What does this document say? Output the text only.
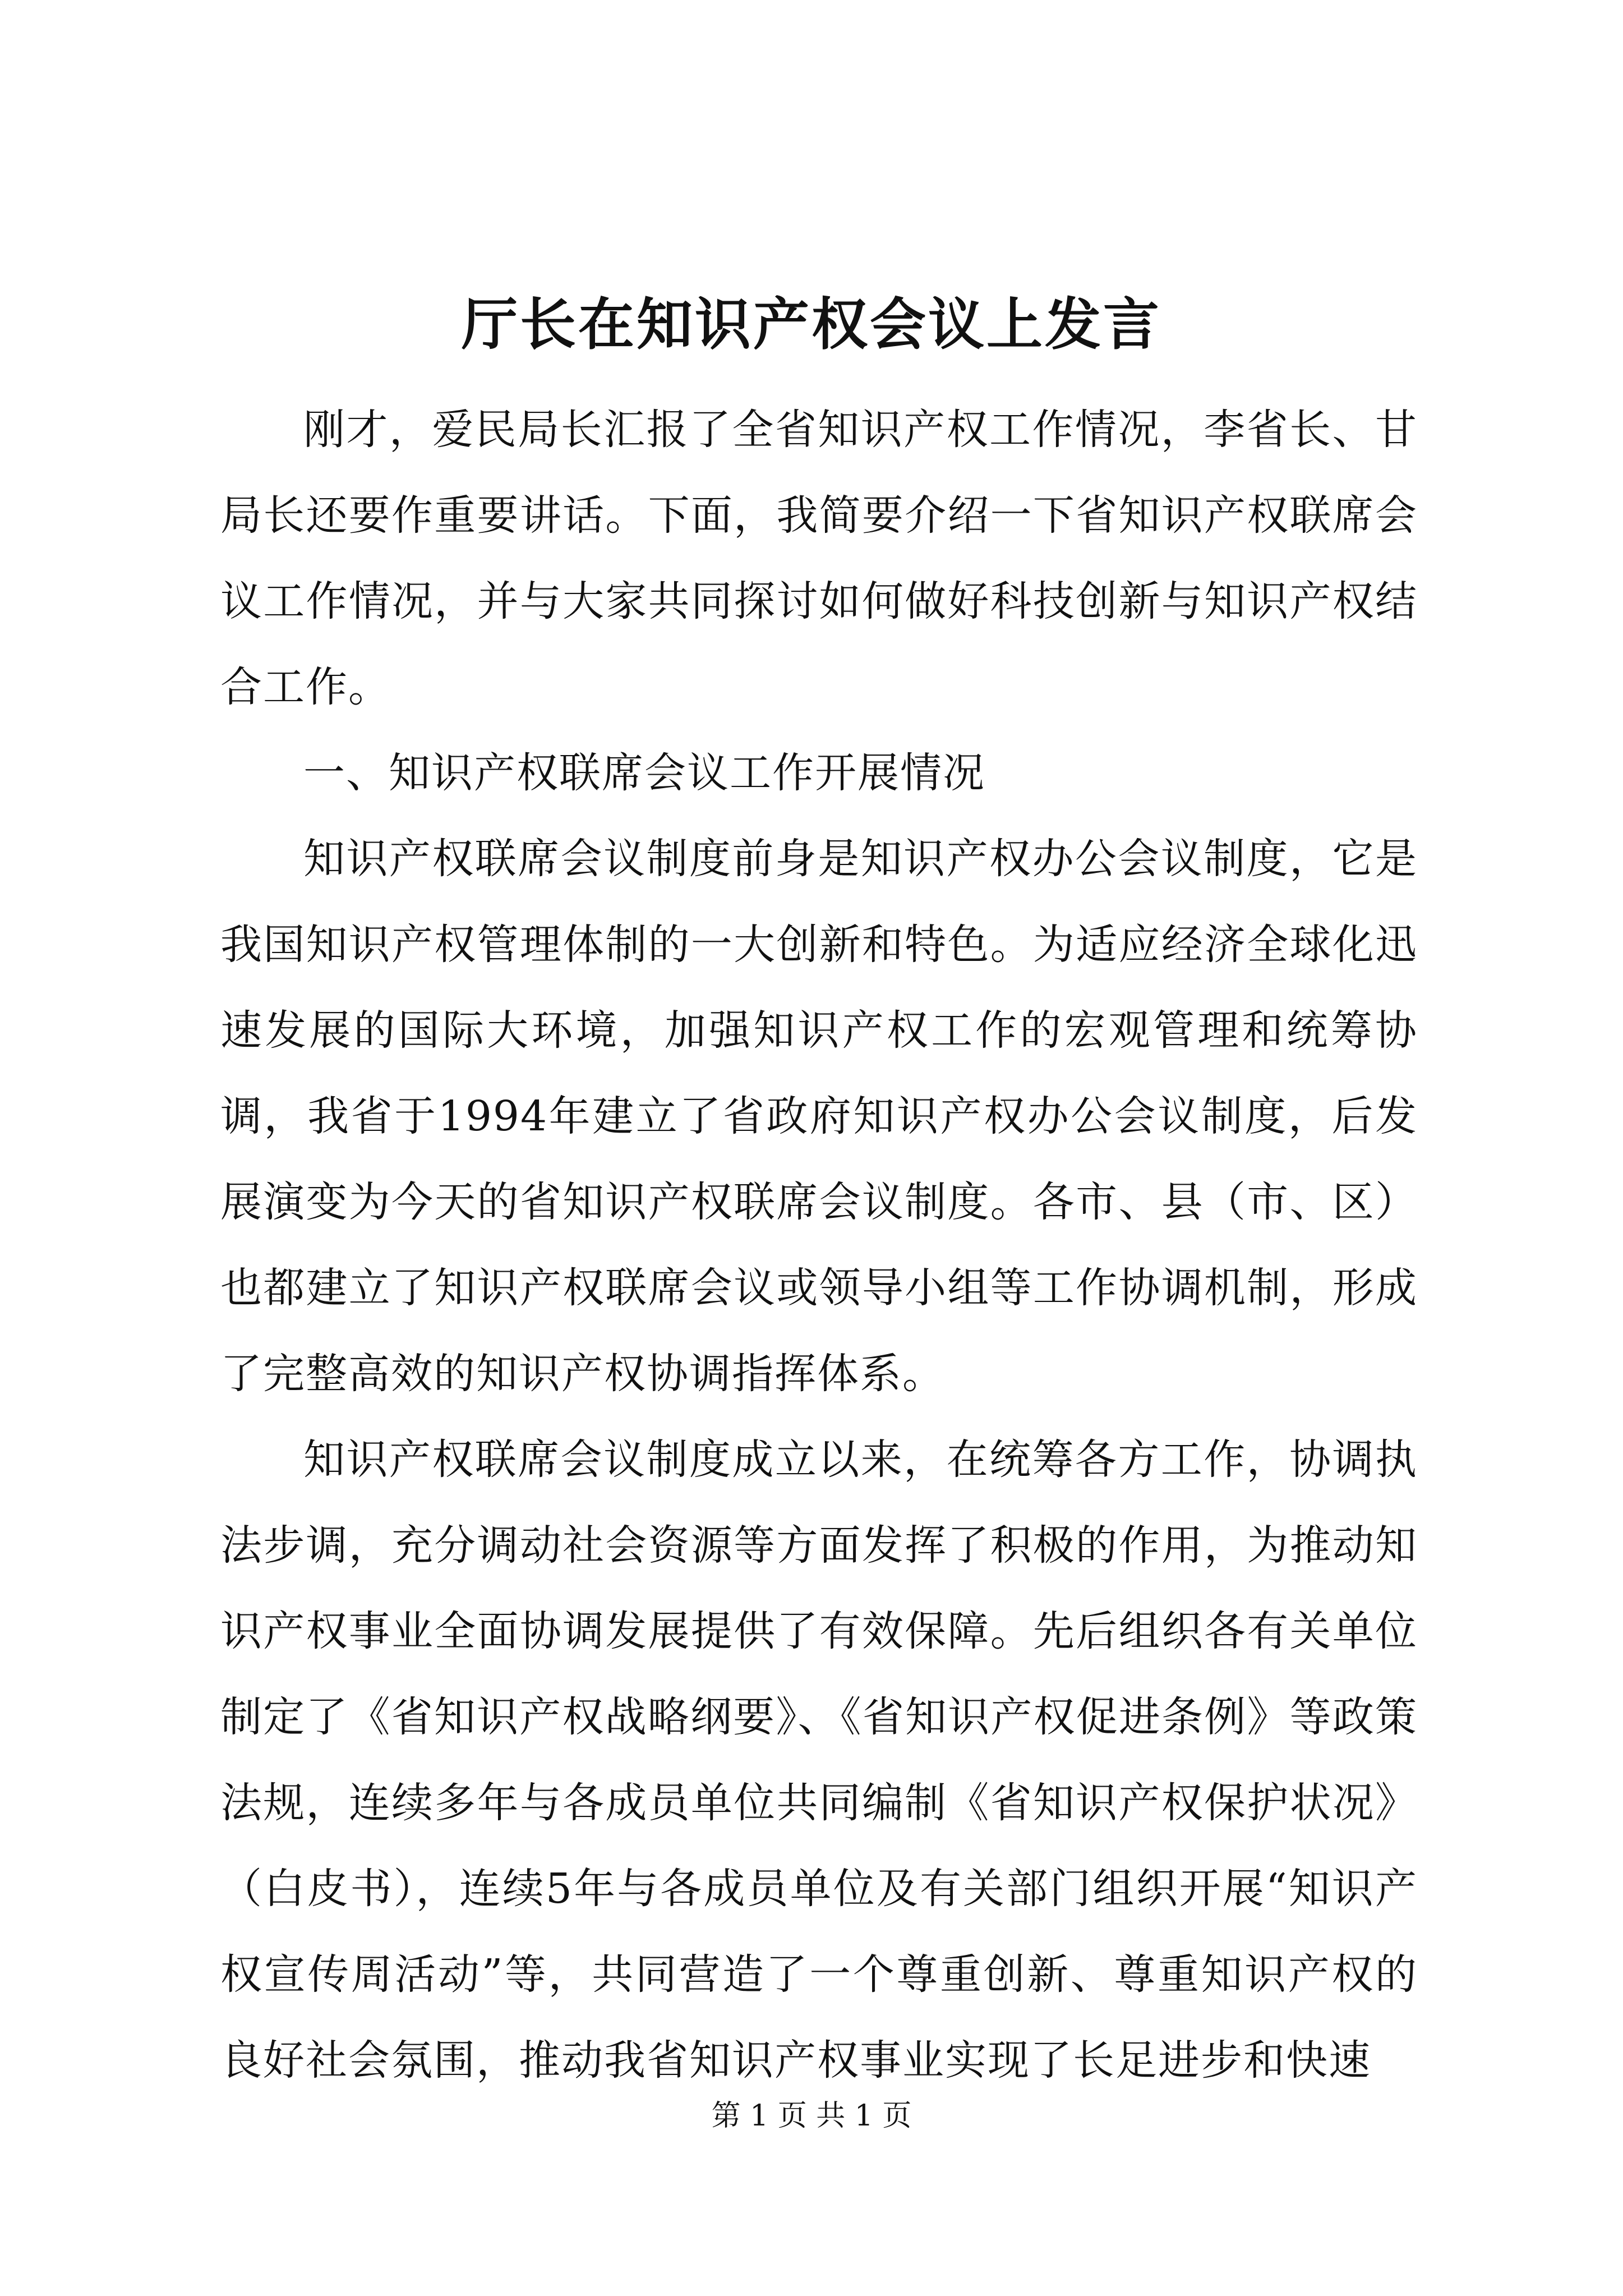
厅长在知识产权会议上发言

刚才，爱民局长汇报了全省知识产权工作情况，李省长、甘局长还要作重要讲话。下面，我简要介绍一下省知识产权联席会议工作情况，并与大家共同探讨如何做好科技创新与知识产权结合工作。

一、知识产权联席会议工作开展情况

知识产权联席会议制度前身是知识产权办公会议制度，它是我国知识产权管理体制的一大创新和特色。为适应经济全球化迅速发展的国际大环境，加强知识产权工作的宏观管理和统筹协调，我省于1994年建立了省政府知识产权办公会议制度，后发展演变为今天的省知识产权联席会议制度。各市、县（市、区）也都建立了知识产权联席会议或领导小组等工作协调机制，形成了完整高效的知识产权协调指挥体系。

知识产权联席会议制度成立以来，在统筹各方工作，协调执法步调，充分调动社会资源等方面发挥了积极的作用，为推动知识产权事业全面协调发展提供了有效保障。先后组织各有关单位制定了《省知识产权战略纲要》、《省知识产权促进条例》等政策法规，连续多年与各成员单位共同编制《省知识产权保护状况》（白皮书），连续5年与各成员单位及有关部门组织开展“知识产权宣传周活动”等，共同营造了一个尊重创新、尊重知识产权的良好社会氛围，推动我省知识产权事业实现了长足进步和快速

第 1 页 共 1 页
